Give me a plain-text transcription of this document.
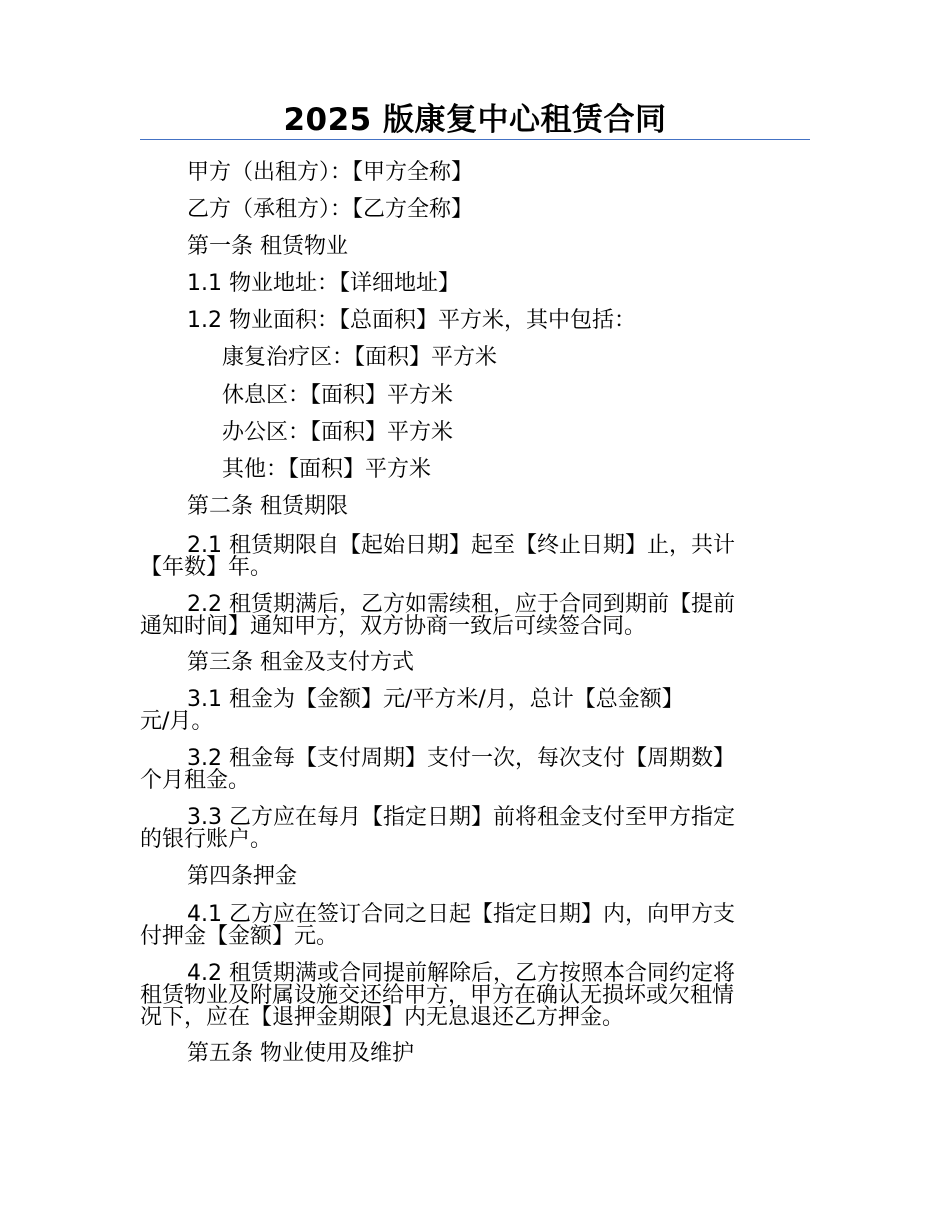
2025 版康复中心租赁合同
甲方（出租方）：【甲方全称】
乙方（承租方）：【乙方全称】
第一条 租赁物业
1.1 物业地址：【详细地址】
1.2 物业面积：【总面积】平方米，其中包括：
康复治疗区：【面积】平方米
休息区：【面积】平方米
办公区：【面积】平方米
其他：【面积】平方米
第二条 租赁期限
2.1 租赁期限自【起始日期】起至【终止日期】止，共计
【年数】年。
2.2 租赁期满后，乙方如需续租，应于合同到期前【提前
通知时间】通知甲方，双方协商一致后可续签合同。
第三条 租金及支付方式
3.1 租金为【金额】元/平方米/月，总计【总金额】
元/月。
3.2 租金每【支付周期】支付一次，每次支付【周期数】
个月租金。
3.3 乙方应在每月【指定日期】前将租金支付至甲方指定
的银行账户。
第四条押金
4.1 乙方应在签订合同之日起【指定日期】内，向甲方支
付押金【金额】元。
4.2 租赁期满或合同提前解除后，乙方按照本合同约定将
租赁物业及附属设施交还给甲方，甲方在确认无损坏或欠租情
况下，应在【退押金期限】内无息退还乙方押金。
第五条 物业使用及维护
